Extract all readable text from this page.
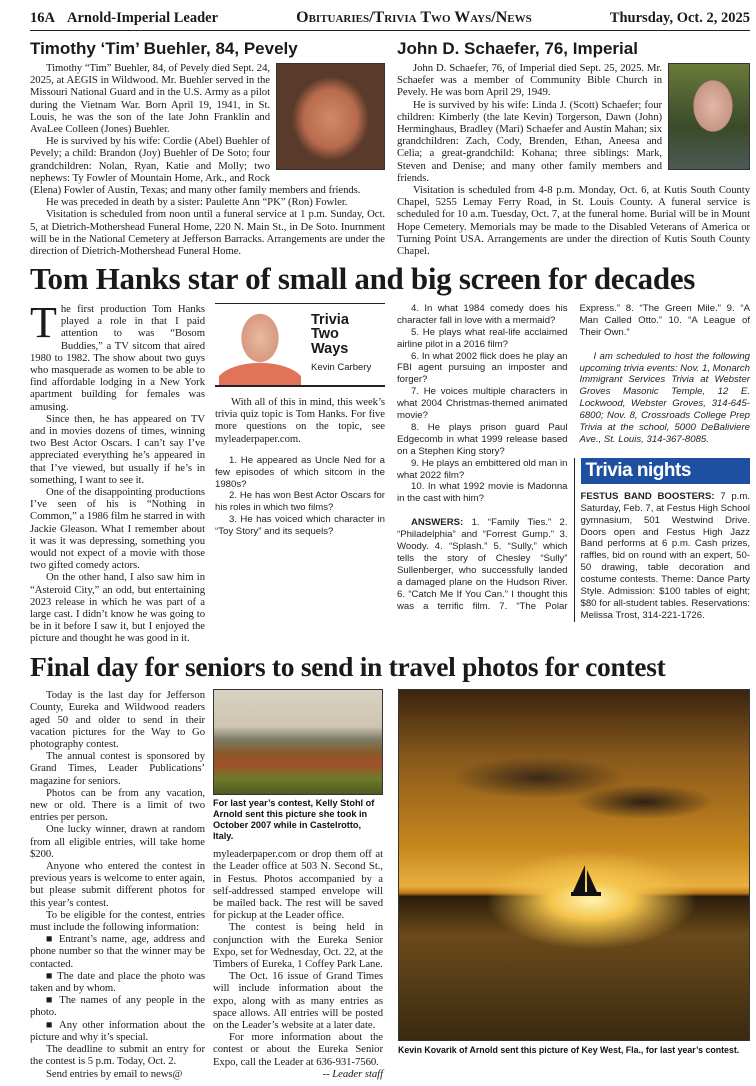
16A Arnold-Imperial Leader	Obituaries/Trivia Two Ways/News	Thursday, Oct. 2, 2025
Timothy ‘Tim’ Buehler, 84, Pevely

Timothy “Tim” Buehler, 84, of Pevely died Sept. 24, 2025, at AEGIS in Wildwood. Mr. Buehler served in the Missouri National Guard and in the U.S. Army as a pilot during the Vietnam War. Born April 19, 1941, in St. Louis, he was the son of the late John Franklin and AvaLee Colleen (Jones) Buehler.

He is survived by his wife: Cordie (Abel) Buehler of Pevely; a child: Brandon (Joy) Buehler of De Soto; four grandchildren: Nolan, Ryan, Katie and Molly; two nephews: Ty Fowler of Mountain Home, Ark., and Rock (Elena) Fowler of Austin, Texas; and many other family members and friends.

He was preceded in death by a sister: Paulette Ann “PK” (Ron) Fowler.

Visitation is scheduled from noon until a funeral service at 1 p.m. Sunday, Oct. 5, at Dietrich-Mothershead Funeral Home, 220 N. Main St., in De Soto. Inurnment will be in the National Cemetery at Jefferson Barracks. Arrangements are under the direction of Dietrich-Mothershead Funeral Home.

John D. Schaefer, 76, Imperial

John D. Schaefer, 76, of Imperial died Sept. 25, 2025. Mr. Schaefer was a member of Community Bible Church in Pevely. He was born April 29, 1949.

He is survived by his wife: Linda J. (Scott) Schaefer; four children: Kimberly (the late Kevin) Torgerson, Dawn (John) Herminghaus, Bradley (Mari) Schaefer and Austin Mahan; six grandchildren: Zach, Cody, Brenden, Ethan, Aneesa and Celia; a great-grandchild: Kohana; three siblings: Mark, Steven and Denise; and many other family members and friends.

Visitation is scheduled from 4-8 p.m. Monday, Oct. 6, at Kutis South County Chapel, 5255 Lemay Ferry Road, in St. Louis County. A funeral service is scheduled for 10 a.m. Tuesday, Oct. 7, at the funeral home. Burial will be in Mount Hope Cemetery. Memorials may be made to the Disabled Veterans of America or Turning Point USA. Arrangements are under the direction of Kutis South County Chapel.

Tom Hanks star of small and big screen for decades

The first production Tom Hanks played a role in that I paid attention to was “Bosom Buddies,” a TV sitcom that aired 1980 to 1982. The show about two guys who masquerade as women to be able to find affordable lodging in a New York apartment building for females was amusing.

Since then, he has appeared on TV and in movies dozens of times, winning two Best Actor Oscars. I can’t say I’ve appreciated everything he’s appeared in that I’ve viewed, but usually if he’s in something, I want to see it.

One of the disappointing productions I’ve seen of his is “Nothing in Common,” a 1986 film he starred in with Jackie Gleason. What I remember about it was it was depressing, something you would not expect of a movie with those two gifted comedy actors.

On the other hand, I also saw him in “Asteroid City,” an odd, but entertaining 2023 release in which he was part of a large cast. I didn’t know he was going to be in it before I saw it, but I enjoyed the picture and thought he was good in it.

Trivia
Two
Ways
Kevin Carbery

With all of this in mind, this week’s trivia quiz topic is Tom Hanks. For five more questions on the topic, see myleaderpaper.com.

1. He appeared as Uncle Ned for a few episodes of which sitcom in the 1980s?

2. He has won Best Actor Oscars for his roles in which two films?

3. He has voiced which character in “Toy Story” and its sequels?

4. In what 1984 comedy does his character fall in love with a mermaid?

5. He plays what real-life acclaimed airline pilot in a 2016 film?

6. In what 2002 flick does he play an FBI agent pursuing an imposter and forger?

7. He voices multiple characters in what 2004 Christmas-themed animated movie?

8. He plays prison guard Paul Edgecomb in what 1999 release based on a Stephen King story?

9. He plays an embittered old man in what 2022 film?

10. In what 1992 movie is Madonna in the cast with him?

ANSWERS: 1. “Family Ties.” 2. “Philadelphia” and “Forrest Gump.” 3. Woody. 4. “Splash.” 5. “Sully,” which tells the story of Chesley “Sully” Sullenberger, who successfully landed a damaged plane on the Hudson River. 6. “Catch Me If You Can.” I thought this was a terrific film. 7. “The Polar Express.” 8. “The Green Mile.” 9. “A Man Called Otto.” 10. “A League of Their Own.”

I am scheduled to host the following upcoming trivia events: Nov. 1, Monarch Immigrant Services Trivia at Webster Groves Masonic Temple, 12 E. Lockwood, Webster Groves, 314-645-6800; Nov. 8, Crossroads College Prep Trivia at the school, 5000 DeBaliviere Ave., St. Louis, 314-367-8085.

Trivia nights

FESTUS BAND BOOSTERS: 7 p.m. Saturday, Feb. 7, at Festus High School gymnasium, 501 Westwind Drive. Doors open and Festus High Jazz Band performs at 6 p.m. Cash prizes, raffles, bid on round with an expert, 50-50 drawing, table decoration and costume contests. Theme: Dance Party Style. Admission: $100 tables of eight; $80 for all-student tables. Reservations: Melissa Trost, 314-221-1726.

Final day for seniors to send in travel photos for contest

Today is the last day for Jefferson County, Eureka and Wildwood readers aged 50 and older to send in their vacation pictures for the Way to Go photography contest.

The annual contest is sponsored by Grand Times, Leader Publications’ magazine for seniors.

Photos can be from any vacation, new or old. There is a limit of two entries per person.

One lucky winner, drawn at random from all eligible entries, will take home $200.

Anyone who entered the contest in previous years is welcome to enter again, but please submit different photos for this year’s contest.

To be eligible for the contest, entries must include the following information:

■ Entrant’s name, age, address and phone number so that the winner may be contacted.

■ The date and place the photo was taken and by whom.

■ The names of any people in the photo.

■ Any other information about the picture and why it’s special.

The deadline to submit an entry for the contest is 5 p.m. Today, Oct. 2.

Send entries by email to news@

For last year’s contest, Kelly Stohl of Arnold sent this picture she took in October 2007 while in Castelrotto, Italy.

myleaderpaper.com or drop them off at the Leader office at 503 N. Second St., in Festus. Photos accompanied by a self-addressed stamped envelope will be mailed back. The rest will be saved for pickup at the Leader office.

The contest is being held in conjunction with the Eureka Senior Expo, set for Wednesday, Oct. 22, at the Timbers of Eureka, 1 Coffey Park Lane.

The Oct. 16 issue of Grand Times will include information about the expo, along with as many entries as space allows. All entries will be posted on the Leader’s website at a later date.

For more information about the contest or about the Eureka Senior Expo, call the Leader at 636-931-7560.

-- Leader staff

Kevin Kovarik of Arnold sent this picture of Key West, Fla., for last year’s contest.
